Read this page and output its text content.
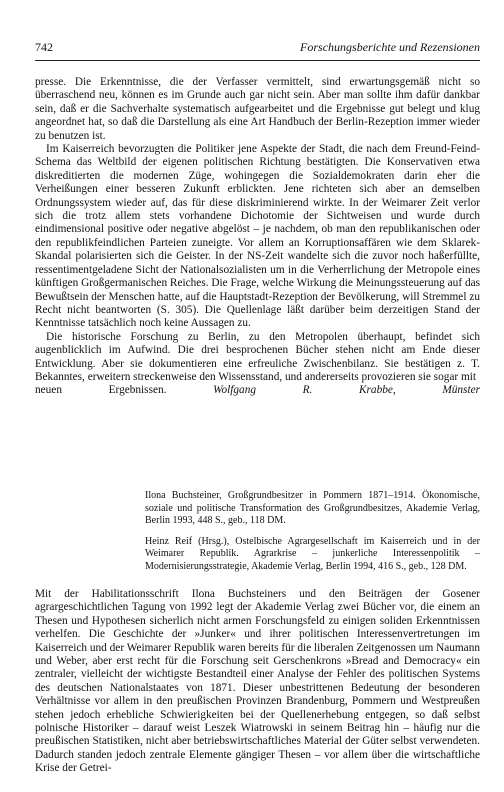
742	Forschungsberichte und Rezensionen

presse. Die Erkenntnisse, die der Verfasser vermittelt, sind erwartungsgemäß nicht so überraschend neu, können es im Grunde auch gar nicht sein. Aber man sollte ihm dafür dankbar sein, daß er die Sachverhalte systematisch aufgearbeitet und die Ergebnisse gut belegt und klug angeordnet hat, so daß die Darstellung als eine Art Handbuch der Berlin-Rezeption immer wieder zu benutzen ist.

Im Kaiserreich bevorzugten die Politiker jene Aspekte der Stadt, die nach dem Freund-Feind-Schema das Weltbild der eigenen politischen Richtung bestätigten. Die Konservativen etwa diskreditierten die modernen Züge, wohingegen die Sozialdemokraten darin eher die Verheißungen einer besseren Zukunft erblickten. Jene richteten sich aber an demselben Ordnungssystem wieder auf, das für diese diskriminierend wirkte. In der Weimarer Zeit verlor sich die trotz allem stets vorhandene Dichotomie der Sichtweisen und wurde durch eindimensional positive oder negative abgelöst – je nachdem, ob man den republikanischen oder den republikfeindlichen Parteien zuneigte. Vor allem an Korruptionsaffären wie dem Sklarek-Skandal polarisierten sich die Geister. In der NS-Zeit wandelte sich die zuvor noch haßerfüllte, ressentimentgeladene Sicht der Nationalsozialisten um in die Verherrlichung der Metropole eines künftigen Großgermanischen Reiches. Die Frage, welche Wirkung die Meinungssteuerung auf das Bewußtsein der Menschen hatte, auf die Hauptstadt-Rezeption der Bevölkerung, will Stremmel zu Recht nicht beantworten (S. 305). Die Quellenlage läßt darüber beim derzeitigen Stand der Kenntnisse tatsächlich noch keine Aussagen zu.

Die historische Forschung zu Berlin, zu den Metropolen überhaupt, befindet sich augenblicklich im Aufwind. Die drei besprochenen Bücher stehen nicht am Ende dieser Entwicklung. Aber sie dokumentieren eine erfreuliche Zwischenbilanz. Sie bestätigen z. T. Bekanntes, erweitern streckenweise den Wissensstand, und andererseits provozieren sie sogar mit

neuen Ergebnissen.	Wolfgang R. Krabbe, Münster

Ilona Buchsteiner, Großgrundbesitzer in Pommern 1871–1914. Ökonomische, soziale und politische Transformation des Großgrundbesitzes, Akademie Verlag, Berlin 1993, 448 S., geb., 118 DM.

Heinz Reif (Hrsg.), Ostelbische Agrargesellschaft im Kaiserreich und in der Weimarer Republik. Agrarkrise – junkerliche Interessenpolitik – Modernisierungsstrategie, Akademie Verlag, Berlin 1994, 416 S., geb., 128 DM.

Mit der Habilitationsschrift Ilona Buchsteiners und den Beiträgen der Gosener agrargeschichtlichen Tagung von 1992 legt der Akademie Verlag zwei Bücher vor, die einem an Thesen und Hypothesen sicherlich nicht armen Forschungsfeld zu einigen soliden Erkenntnissen verhelfen. Die Geschichte der »Junker« und ihrer politischen Interessenvertretungen im Kaiserreich und der Weimarer Republik waren bereits für die liberalen Zeitgenossen um Naumann und Weber, aber erst recht für die Forschung seit Gerschenkrons »Bread and Democracy« ein zentraler, vielleicht der wichtigste Bestandteil einer Analyse der Fehler des politischen Systems des deutschen Nationalstaates von 1871. Dieser unbestrittenen Bedeutung der besonderen Verhältnisse vor allem in den preußischen Provinzen Brandenburg, Pommern und Westpreußen stehen jedoch erhebliche Schwierigkeiten bei der Quellenerhebung entgegen, so daß selbst polnische Historiker – darauf weist Leszek Wiatrowski in seinem Beitrag hin – häufig nur die preußischen Statistiken, nicht aber betriebswirtschaftliches Material der Güter selbst verwendeten. Dadurch standen jedoch zentrale Elemente gängiger Thesen – vor allem über die wirtschaftliche Krise der Getrei-
